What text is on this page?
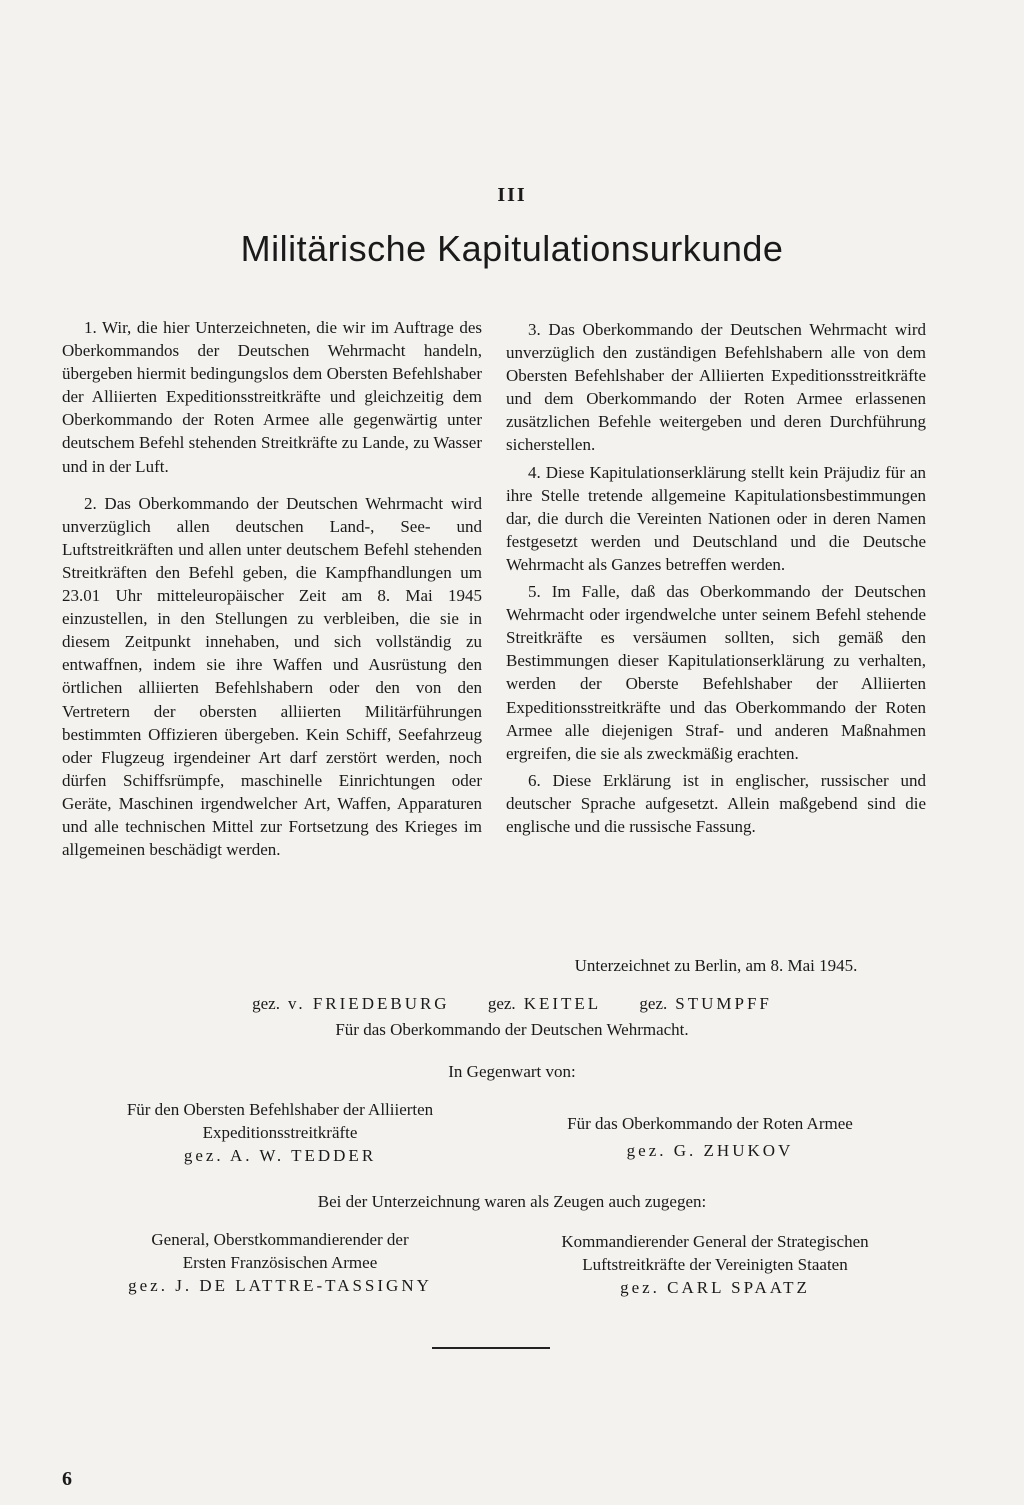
III
Militärische Kapitulationsurkunde

1. Wir, die hier Unterzeichneten, die wir im Auftrage des Oberkommandos der Deutschen Wehrmacht handeln, übergeben hiermit bedingungslos dem Obersten Befehlshaber der Alliierten Expeditionsstreitkräfte und gleichzeitig dem Oberkommando der Roten Armee alle gegenwärtig unter deutschem Befehl stehenden Streitkräfte zu Lande, zu Wasser und in der Luft.

2. Das Oberkommando der Deutschen Wehrmacht wird unverzüglich allen deutschen Land-, See- und Luftstreitkräften und allen unter deutschem Befehl stehenden Streitkräften den Befehl geben, die Kampfhandlungen um 23.01 Uhr mitteleuropäischer Zeit am 8. Mai 1945 einzustellen, in den Stellungen zu verbleiben, die sie in diesem Zeitpunkt innehaben, und sich vollständig zu entwaffnen, indem sie ihre Waffen und Ausrüstung den örtlichen alliierten Befehlshabern oder den von den Vertretern der obersten alliierten Militärführungen bestimmten Offizieren übergeben. Kein Schiff, Seefahrzeug oder Flugzeug irgendeiner Art darf zerstört werden, noch dürfen Schiffsrümpfe, maschinelle Einrichtungen oder Geräte, Maschinen irgendwelcher Art, Waffen, Apparaturen und alle technischen Mittel zur Fortsetzung des Krieges im allgemeinen beschädigt werden.

3. Das Oberkommando der Deutschen Wehrmacht wird unverzüglich den zuständigen Befehlshabern alle von dem Obersten Befehlshaber der Alliierten Expeditionsstreitkräfte und dem Oberkommando der Roten Armee erlassenen zusätzlichen Befehle weitergeben und deren Durchführung sicherstellen.

4. Diese Kapitulationserklärung stellt kein Präjudiz für an ihre Stelle tretende allgemeine Kapitulationsbestimmungen dar, die durch die Vereinten Nationen oder in deren Namen festgesetzt werden und Deutschland und die Deutsche Wehrmacht als Ganzes betreffen werden.

5. Im Falle, daß das Oberkommando der Deutschen Wehrmacht oder irgendwelche unter seinem Befehl stehende Streitkräfte es versäumen sollten, sich gemäß den Bestimmungen dieser Kapitulationserklärung zu verhalten, werden der Oberste Befehlshaber der Alliierten Expeditionsstreitkräfte und das Oberkommando der Roten Armee alle diejenigen Straf- und anderen Maßnahmen ergreifen, die sie als zweckmäßig erachten.

6. Diese Erklärung ist in englischer, russischer und deutscher Sprache aufgesetzt. Allein maßgebend sind die englische und die russische Fassung.

Unterzeichnet zu Berlin, am 8. Mai 1945.
gez. v. FRIEDEBURG gez. KEITEL gez. STUMPFF
Für das Oberkommando der Deutschen Wehrmacht.
In Gegenwart von:
Für den Obersten Befehlshaber der Alliierten
Expeditionsstreitkräfte
gez. A. W. TEDDER
Für das Oberkommando der Roten Armee
gez. G. ZHUKOV
Bei der Unterzeichnung waren als Zeugen auch zugegen:
General, Oberstkommandierender der
Ersten Französischen Armee
gez. J. DE LATTRE-TASSIGNY
Kommandierender General der Strategischen
Luftstreitkräfte der Vereinigten Staaten
gez. CARL SPAATZ
6
